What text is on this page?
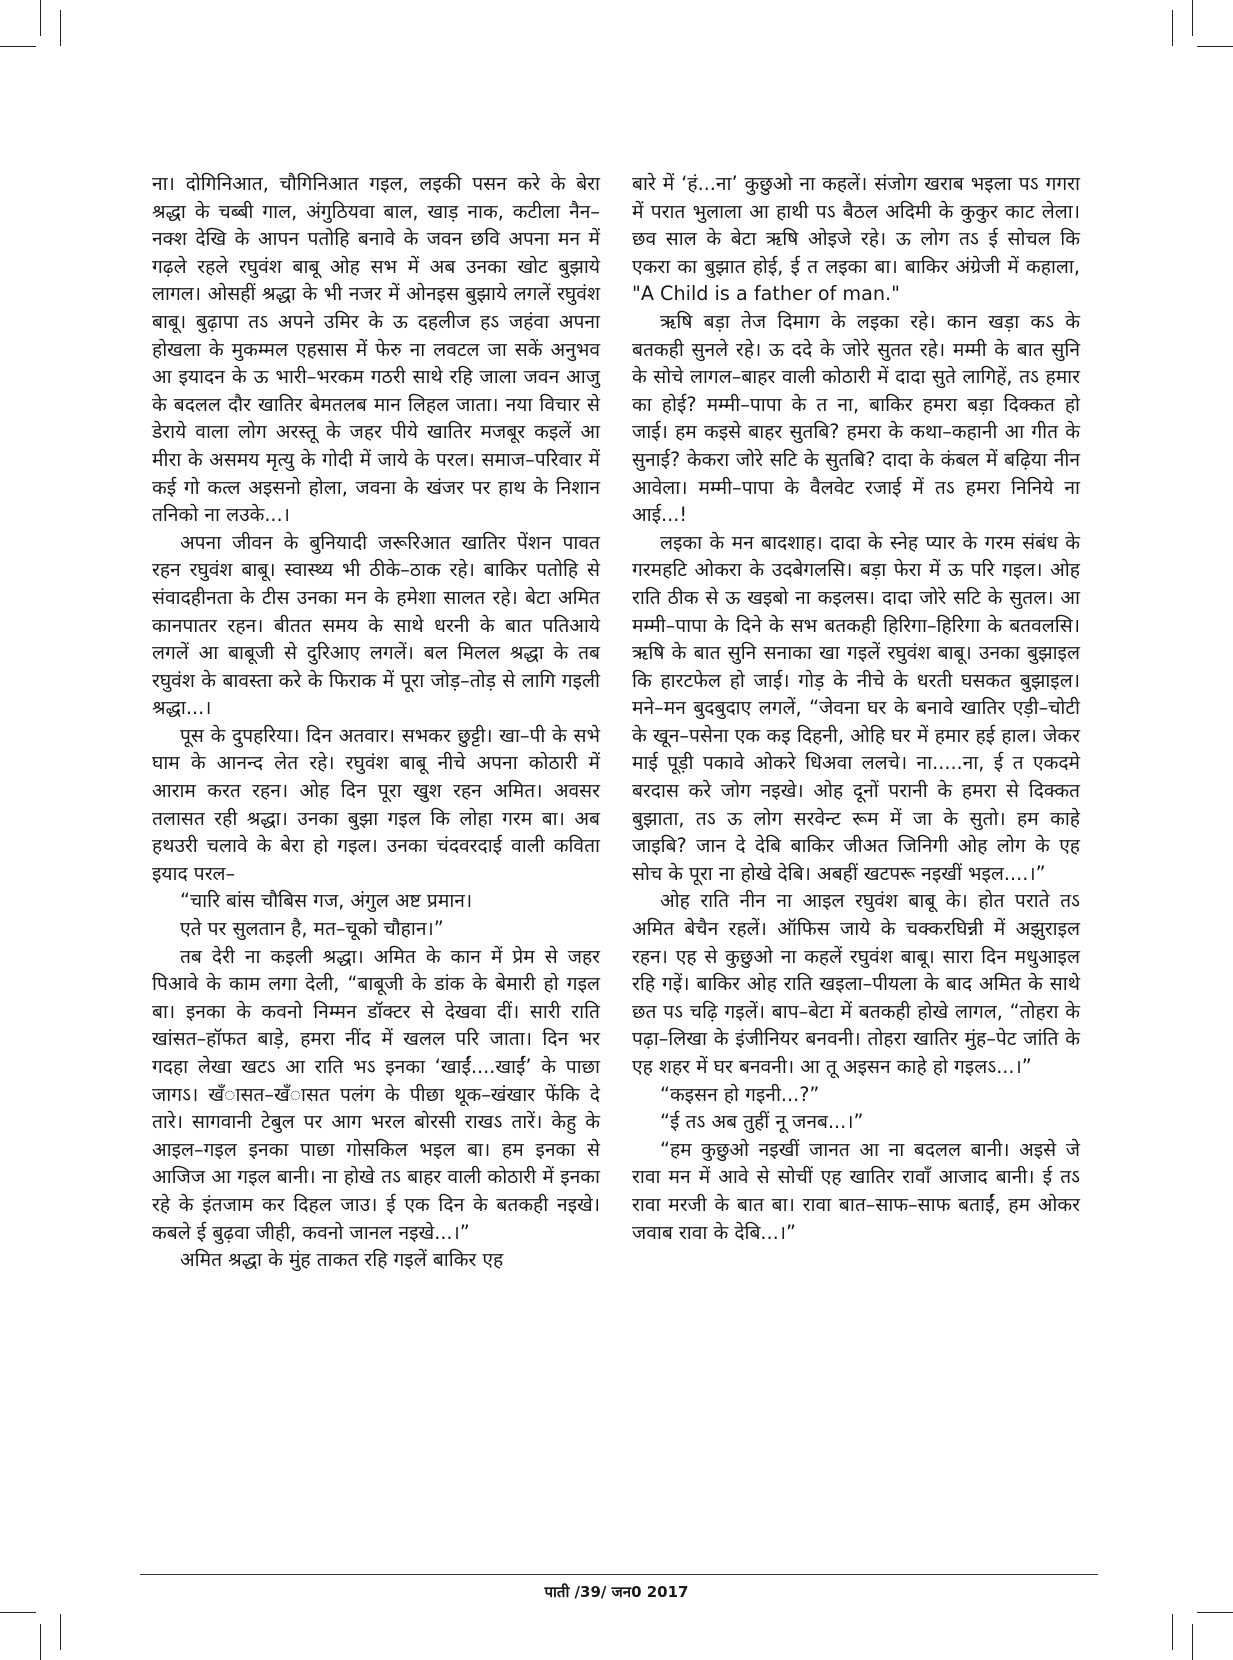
ना। दोगिनिआत, चौगिनिआत गइल, लइकी पसन करे के बेरा श्रद्धा के चब्बी गाल, अंगुठियवा बाल, खाड़ नाक, कटीला नैन–नक्श देखि के आपन पतोहि बनावे के जवन छवि अपना मन में गढ़ले रहले रघुवंश बाबू ओह सभ में अब उनका खोट बुझाये लागल। ओसहीं श्रद्धा के भी नजर में ओनइस बुझाये लगलें रघुवंश बाबू। बुढ़ापा तऽ अपने उमिर के ऊ दहलीज हऽ जहंवा अपना होखला के मुकम्मल एहसास में फेरु ना लवटल जा सकें अनुभव आ इयादन के ऊ भारी–भरकम गठरी साथे रहि जाला जवन आजु के बदलल दौर खातिर बेमतलब मान लिहल जाता। नया विचार से डेराये वाला लोग अरस्तू के जहर पीये खातिर मजबूर कइलें आ मीरा के असमय मृत्यु के गोदी में जाये के परल। समाज–परिवार में कई गो कत्ल अइसनो होला, जवना के खंजर पर हाथ के निशान तनिको ना लउके...।

अपना जीवन के बुनियादी जरूरिआत खातिर पेंशन पावत रहन रघुवंश बाबू। स्वास्थ्य भी ठीके–ठाक रहे। बाकिर पतोहि से संवादहीनता के टीस उनका मन के हमेशा सालत रहे। बेटा अमित कानपातर रहन। बीतत समय के साथे धरनी के बात पतिआये लगलें आ बाबूजी से दुरिआए लगलें। बल मिलल श्रद्धा के तब रघुवंश के बावस्ता करे के फिराक में पूरा जोड़–तोड़ से लागि गइली श्रद्धा...।

पूस के दुपहरिया। दिन अतवार। सभकर छुट्टी। खा–पी के सभे घाम के आनन्द लेत रहे। रघुवंश बाबू नीचे अपना कोठारी में आराम करत रहन। ओह दिन पूरा खुश रहन अमित। अवसर तलासत रही श्रद्धा। उनका बुझा गइल कि लोहा गरम बा। अब हथउरी चलावे के बेरा हो गइल। उनका चंदवरदाई वाली कविता इयाद परल–

“चारि बांस चौबिस गज, अंगुल अष्ट प्रमान।

एते पर सुलतान है, मत–चूको चौहान।”

तब देरी ना कइली श्रद्धा। अमित के कान में प्रेम से जहर पिआवे के काम लगा देली, “बाबूजी के डांक के बेमारी हो गइल बा। इनका के कवनो निम्मन डॉक्टर से देखवा दीं। सारी राति खांसत–हॉफत बाड़े, हमरा नींद में खलल परि जाता। दिन भर गदहा लेखा खटऽ आ राति भऽ इनका ‘खाईं....खाईं’ के पाछा जागऽ। खँासत–खँासत पलंग के पीछा थूक–खंखार फेंकि दे तारे। सागवानी टेबुल पर आग भरल बोरसी राखऽ तारें। केहु के आइल–गइल इनका पाछा गोसकिल भइल बा। हम इनका से आजिज आ गइल बानी। ना होखे तऽ बाहर वाली कोठारी में इनका रहे के इंतजाम कर दिहल जाउ। ई एक दिन के बतकही नइखे। कबले ई बुढ़वा जीही, कवनो जानल नइखे...।”

अमित श्रद्धा के मुंह ताकत रहि गइलें बाकिर एह

बारे में ‘हं...ना’ कुछुओ ना कहलें। संजोग खराब भइला पऽ गगरा में परात भुलाला आ हाथी पऽ बैठल अदिमी के कुकुर काट लेला। छव साल के बेटा ऋषि ओइजे रहे। ऊ लोग तऽ ई सोचल कि एकरा का बुझात होई, ई त लइका बा। बाकिर अंग्रेजी में कहाला, "A Child is a father of man."

ऋषि बड़ा तेज दिमाग के लइका रहे। कान खड़ा कऽ के बतकही सुनले रहे। ऊ ददे के जोरे सुतत रहे। मम्मी के बात सुनि के सोचे लागल–बाहर वाली कोठारी में दादा सुते लागिहें, तऽ हमार का होई? मम्मी–पापा के त ना, बाकिर हमरा बड़ा दिक्कत हो जाई। हम कइसे बाहर सुतबि? हमरा के कथा–कहानी आ गीत के सुनाई? केकरा जोरे सटि के सुतबि? दादा के कंबल में बढ़िया नीन आवेला। मम्मी–पापा के वैलवेट रजाई में तऽ हमरा निनिये ना आई...!

लइका के मन बादशाह। दादा के स्नेह प्यार के गरम संबंध के गरमहटि ओकरा के उदबेगलसि। बड़ा फेरा में ऊ परि गइल। ओह राति ठीक से ऊ खइबो ना कइलस। दादा जोरे सटि के सुतल। आ मम्मी–पापा के दिने के सभ बतकही हिरिगा–हिरिगा के बतवलसि। ऋषि के बात सुनि सनाका खा गइलें रघुवंश बाबू। उनका बुझाइल कि हारटफेल हो जाई। गोड़ के नीचे के धरती घसकत बुझाइल। मने–मन बुदबुदाए लगलें, “जेवना घर के बनावे खातिर एड़ी–चोटी के खून–पसेना एक कइ दिहनी, ओहि घर में हमार हई हाल। जेकर माई पूड़ी पकावे ओकरे धिअवा ललचे। ना.....ना, ई त एकदमे बरदास करे जोग नइखे। ओह दूनों परानी के हमरा से दिक्कत बुझाता, तऽ ऊ लोग सरवेन्ट रूम में जा के सुतो। हम काहे जाइबि? जान दे देबि बाकिर जीअत जिनिगी ओह लोग के एह सोच के पूरा ना होखे देबि। अबहीं खटपरू नइखीं भइल....।”

ओह राति नीन ना आइल रघुवंश बाबू के। होत पराते तऽ अमित बेचैन रहलें। ऑफिस जाये के चक्करघिन्नी में अझुराइल रहन। एह से कुछुओ ना कहलें रघुवंश बाबू। सारा दिन मधुआइल रहि गइें। बाकिर ओह राति खइला–पीयला के बाद अमित के साथे छत पऽ चढ़ि गइलें। बाप–बेटा में बतकही होखे लागल, “तोहरा के पढ़ा–लिखा के इंजीनियर बनवनी। तोहरा खातिर मुंह–पेट जांति के एह शहर में घर बनवनी। आ तू अइसन काहे हो गइलऽ...।”

“कइसन हो गइनी...?”

“ई तऽ अब तुहीं नू जनब...।”

“हम कुछुओ नइखीं जानत आ ना बदलल बानी। अइसे जे रावा मन में आवे से सोचीं एह खातिर रावाँ आजाद बानी। ई तऽ रावा मरजी के बात बा। रावा बात–साफ–साफ बताईं, हम ओकर जवाब रावा के देबि...।”

पाती /39/ जन0 2017
